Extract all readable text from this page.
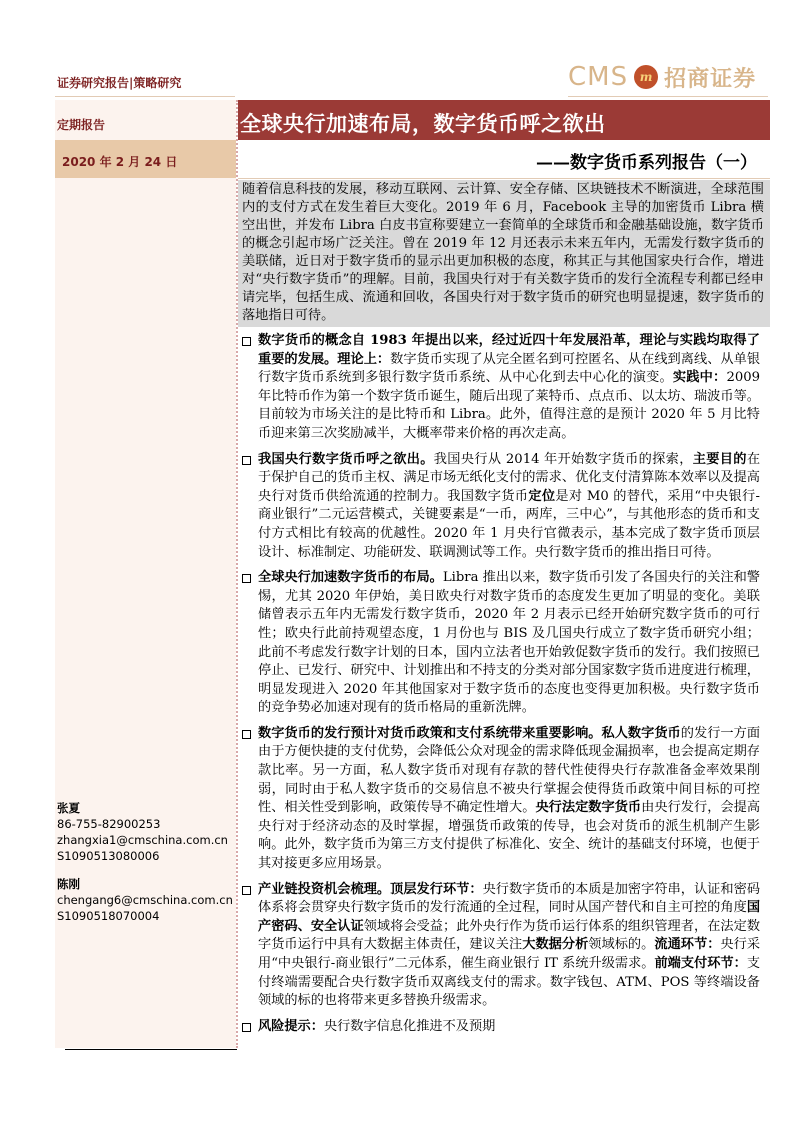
证券研究报告|策略研究	CMS m 招商证券
定期报告
2020 年 2 月 24 日
全球央行加速布局，数字货币呼之欲出
——数字货币系列报告（一）
随着信息科技的发展，移动互联网、云计算、安全存储、区块链技术不断演进，全球范围内的支付方式在发生着巨大变化。2019 年 6 月，Facebook 主导的加密货币 Libra 横空出世，并发布 Libra 白皮书宣称要建立一套简单的全球货币和金融基础设施，数字货币的概念引起市场广泛关注。曾在 2019 年 12 月还表示未来五年内，无需发行数字货币的美联储，近日对于数字货币的显示出更加积极的态度，称其正与其他国家央行合作，增进对“央行数字货币”的理解。目前，我国央行对于有关数字货币的发行全流程专利都已经申请完毕，包括生成、流通和回收，各国央行对于数字货币的研究也明显提速，数字货币的落地指日可待。
数字货币的概念自 1983 年提出以来，经过近四十年发展沿革，理论与实践均取得了重要的发展。理论上：数字货币实现了从完全匿名到可控匿名、从在线到离线、从单银行数字货币系统到多银行数字货币系统、从中心化到去中心化的演变。实践中：2009 年比特币作为第一个数字货币诞生，随后出现了莱特币、点点币、以太坊、瑞波币等。目前较为市场关注的是比特币和 Libra。此外，值得注意的是预计 2020 年 5 月比特币迎来第三次奖励减半，大概率带来价格的再次走高。
我国央行数字货币呼之欲出。我国央行从 2014 年开始数字货币的探索，主要目的在于保护自己的货币主权、满足市场无纸化支付的需求、优化支付清算陈本效率以及提高央行对货币供给流通的控制力。我国数字货币定位是对 M0 的替代，采用“中央银行-商业银行”二元运营模式，关键要素是“一币，两库，三中心”，与其他形态的货币和支付方式相比有较高的优越性。2020 年 1 月央行官微表示，基本完成了数字货币顶层设计、标准制定、功能研发、联调测试等工作。央行数字货币的推出指日可待。
全球央行加速数字货币的布局。Libra 推出以来，数字货币引发了各国央行的关注和警惕，尤其 2020 年伊始，美日欧央行对数字货币的态度发生更加了明显的变化。美联储曾表示五年内无需发行数字货币，2020 年 2 月表示已经开始研究数字货币的可行性；欧央行此前持观望态度，1 月份也与 BIS 及几国央行成立了数字货币研究小组；此前不考虑发行数字计划的日本，国内立法者也开始敦促数字货币的发行。我们按照已停止、已发行、研究中、计划推出和不持支的分类对部分国家数字货币进度进行梳理，明显发现进入 2020 年其他国家对于数字货币的态度也变得更加积极。央行数字货币的竞争势必加速对现有的货币格局的重新洗牌。
数字货币的发行预计对货币政策和支付系统带来重要影响。私人数字货币的发行一方面由于方便快捷的支付优势，会降低公众对现金的需求降低现金漏损率，也会提高定期存款比率。另一方面，私人数字货币对现有存款的替代性使得央行存款准备金率效果削弱，同时由于私人数字货币的交易信息不被央行掌握会使得货币政策中间目标的可控性、相关性受到影响，政策传导不确定性增大。央行法定数字货币由央行发行，会提高央行对于经济动态的及时掌握，增强货币政策的传导，也会对货币的派生机制产生影响。此外，数字货币为第三方支付提供了标准化、安全、统计的基础支付环境，也便于其对接更多应用场景。
产业链投资机会梳理。顶层发行环节：央行数字货币的本质是加密字符串，认证和密码体系将会贯穿央行数字货币的发行流通的全过程，同时从国产替代和自主可控的角度国产密码、安全认证领域将会受益；此外央行作为货币运行体系的组织管理者，在法定数字货币运行中具有大数据主体责任，建议关注大数据分析领域标的。流通环节：央行采用“中央银行-商业银行”二元体系，催生商业银行 IT 系统升级需求。前端支付环节：支付终端需要配合央行数字货币双离线支付的需求。数字钱包、ATM、POS 等终端设备领域的标的也将带来更多替换升级需求。
风险提示：央行数字信息化推进不及预期
张夏
86-755-82900253
zhangxia1@cmschina.com.cn
S1090513080006
陈刚
chengang6@cmschina.com.cn
S1090518070004
